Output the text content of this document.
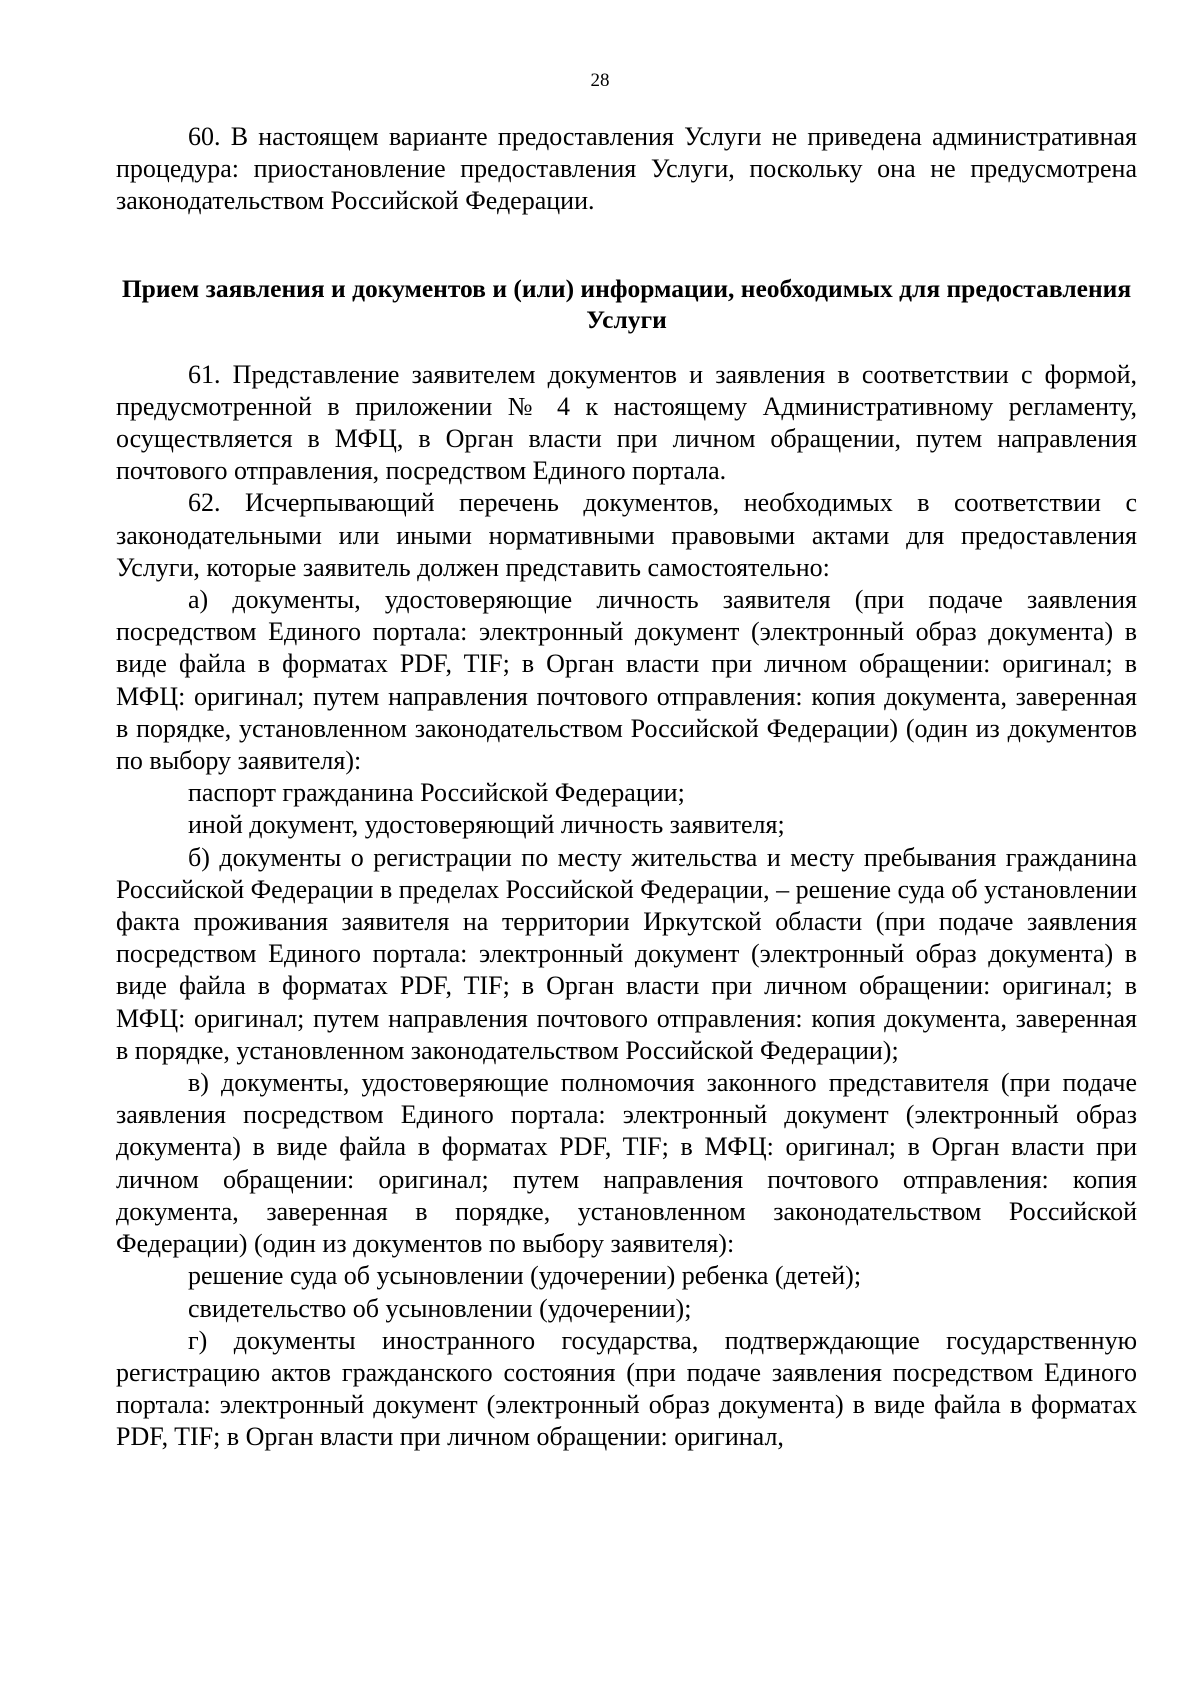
28

60. В настоящем варианте предоставления Услуги не приведена административная процедура: приостановление предоставления Услуги, поскольку она не предусмотрена законодательством Российской Федерации.

Прием заявления и документов и (или) информации, необходимых для предоставления Услуги

61. Представление заявителем документов и заявления в соответствии с формой, предусмотренной в приложении № 4 к настоящему Административному регламенту, осуществляется в МФЦ, в Орган власти при личном обращении, путем направления почтового отправления, посредством Единого портала.

62. Исчерпывающий перечень документов, необходимых в соответствии с законодательными или иными нормативными правовыми актами для предоставления Услуги, которые заявитель должен представить самостоятельно:

а) документы, удостоверяющие личность заявителя (при подаче заявления посредством Единого портала: электронный документ (электронный образ документа) в виде файла в форматах PDF, TIF; в Орган власти при личном обращении: оригинал; в МФЦ: оригинал; путем направления почтового отправления: копия документа, заверенная в порядке, установленном законодательством Российской Федерации) (один из документов по выбору заявителя):

паспорт гражданина Российской Федерации;

иной документ, удостоверяющий личность заявителя;

б) документы о регистрации по месту жительства и месту пребывания гражданина Российской Федерации в пределах Российской Федерации, – решение суда об установлении факта проживания заявителя на территории Иркутской области (при подаче заявления посредством Единого портала: электронный документ (электронный образ документа) в виде файла в форматах PDF, TIF; в Орган власти при личном обращении: оригинал; в МФЦ: оригинал; путем направления почтового отправления: копия документа, заверенная в порядке, установленном законодательством Российской Федерации);

в) документы, удостоверяющие полномочия законного представителя (при подаче заявления посредством Единого портала: электронный документ (электронный образ документа) в виде файла в форматах PDF, TIF; в МФЦ: оригинал; в Орган власти при личном обращении: оригинал; путем направления почтового отправления: копия документа, заверенная в порядке, установленном законодательством Российской Федерации) (один из документов по выбору заявителя):

решение суда об усыновлении (удочерении) ребенка (детей);

свидетельство об усыновлении (удочерении);

г) документы иностранного государства, подтверждающие государственную регистрацию актов гражданского состояния (при подаче заявления посредством Единого портала: электронный документ (электронный образ документа) в виде файла в форматах PDF, TIF; в Орган власти при личном обращении: оригинал,
